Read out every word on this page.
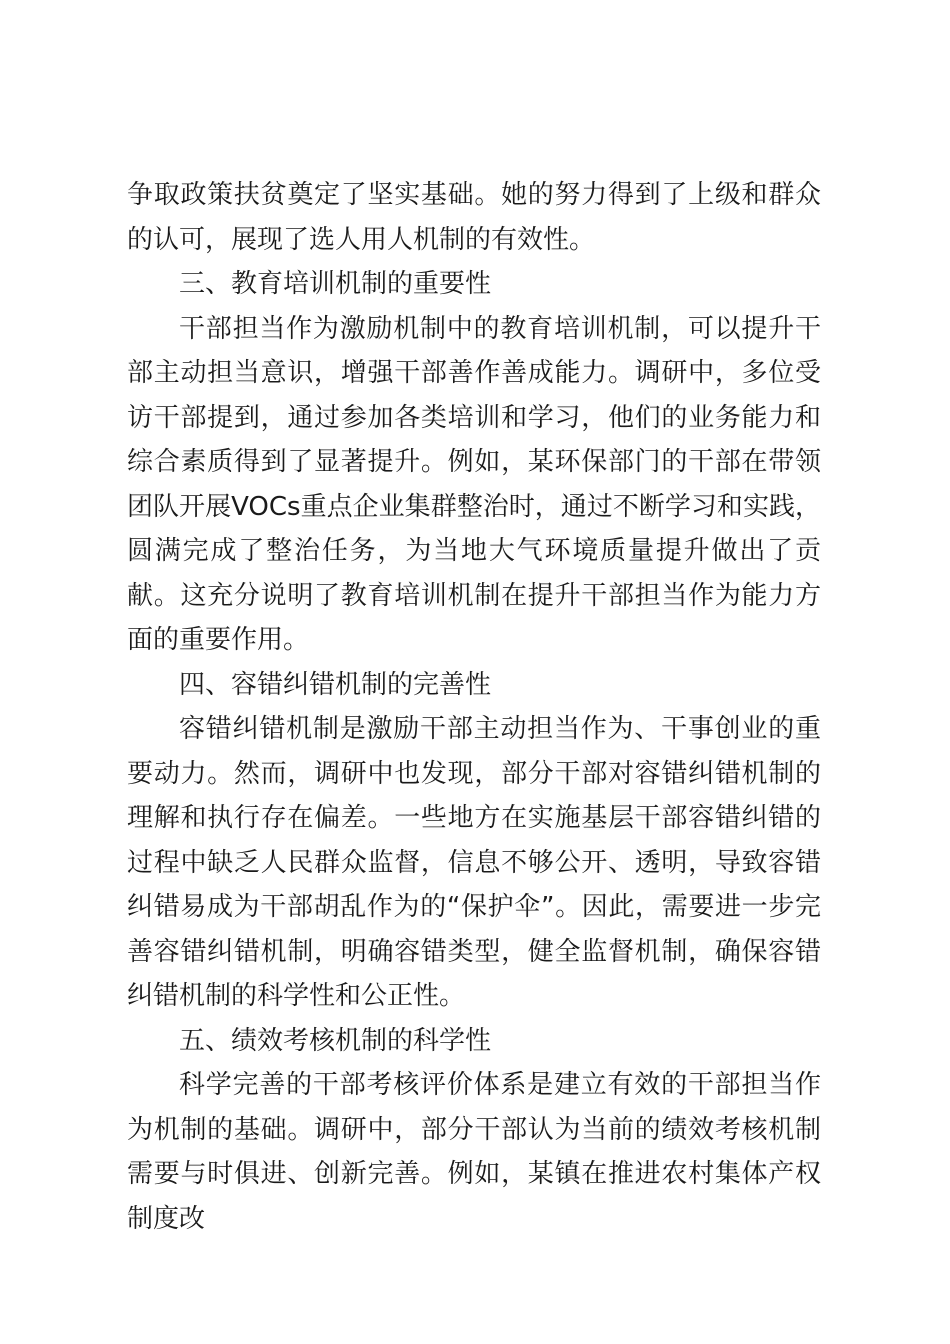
争取政策扶贫奠定了坚实基础。她的努力得到了上级和群众的认可，展现了选人用人机制的有效性。

三、教育培训机制的重要性

干部担当作为激励机制中的教育培训机制，可以提升干部主动担当意识，增强干部善作善成能力。调研中，多位受访干部提到，通过参加各类培训和学习，他们的业务能力和综合素质得到了显著提升。例如，某环保部门的干部在带领团队开展VOCs重点企业集群整治时，通过不断学习和实践，圆满完成了整治任务，为当地大气环境质量提升做出了贡献。这充分说明了教育培训机制在提升干部担当作为能力方面的重要作用。

四、容错纠错机制的完善性

容错纠错机制是激励干部主动担当作为、干事创业的重要动力。然而，调研中也发现，部分干部对容错纠错机制的理解和执行存在偏差。一些地方在实施基层干部容错纠错的过程中缺乏人民群众监督，信息不够公开、透明，导致容错纠错易成为干部胡乱作为的“保护伞”。因此，需要进一步完善容错纠错机制，明确容错类型，健全监督机制，确保容错纠错机制的科学性和公正性。

五、绩效考核机制的科学性

科学完善的干部考核评价体系是建立有效的干部担当作为机制的基础。调研中，部分干部认为当前的绩效考核机制需要与时俱进、创新完善。例如，某镇在推进农村集体产权制度改
